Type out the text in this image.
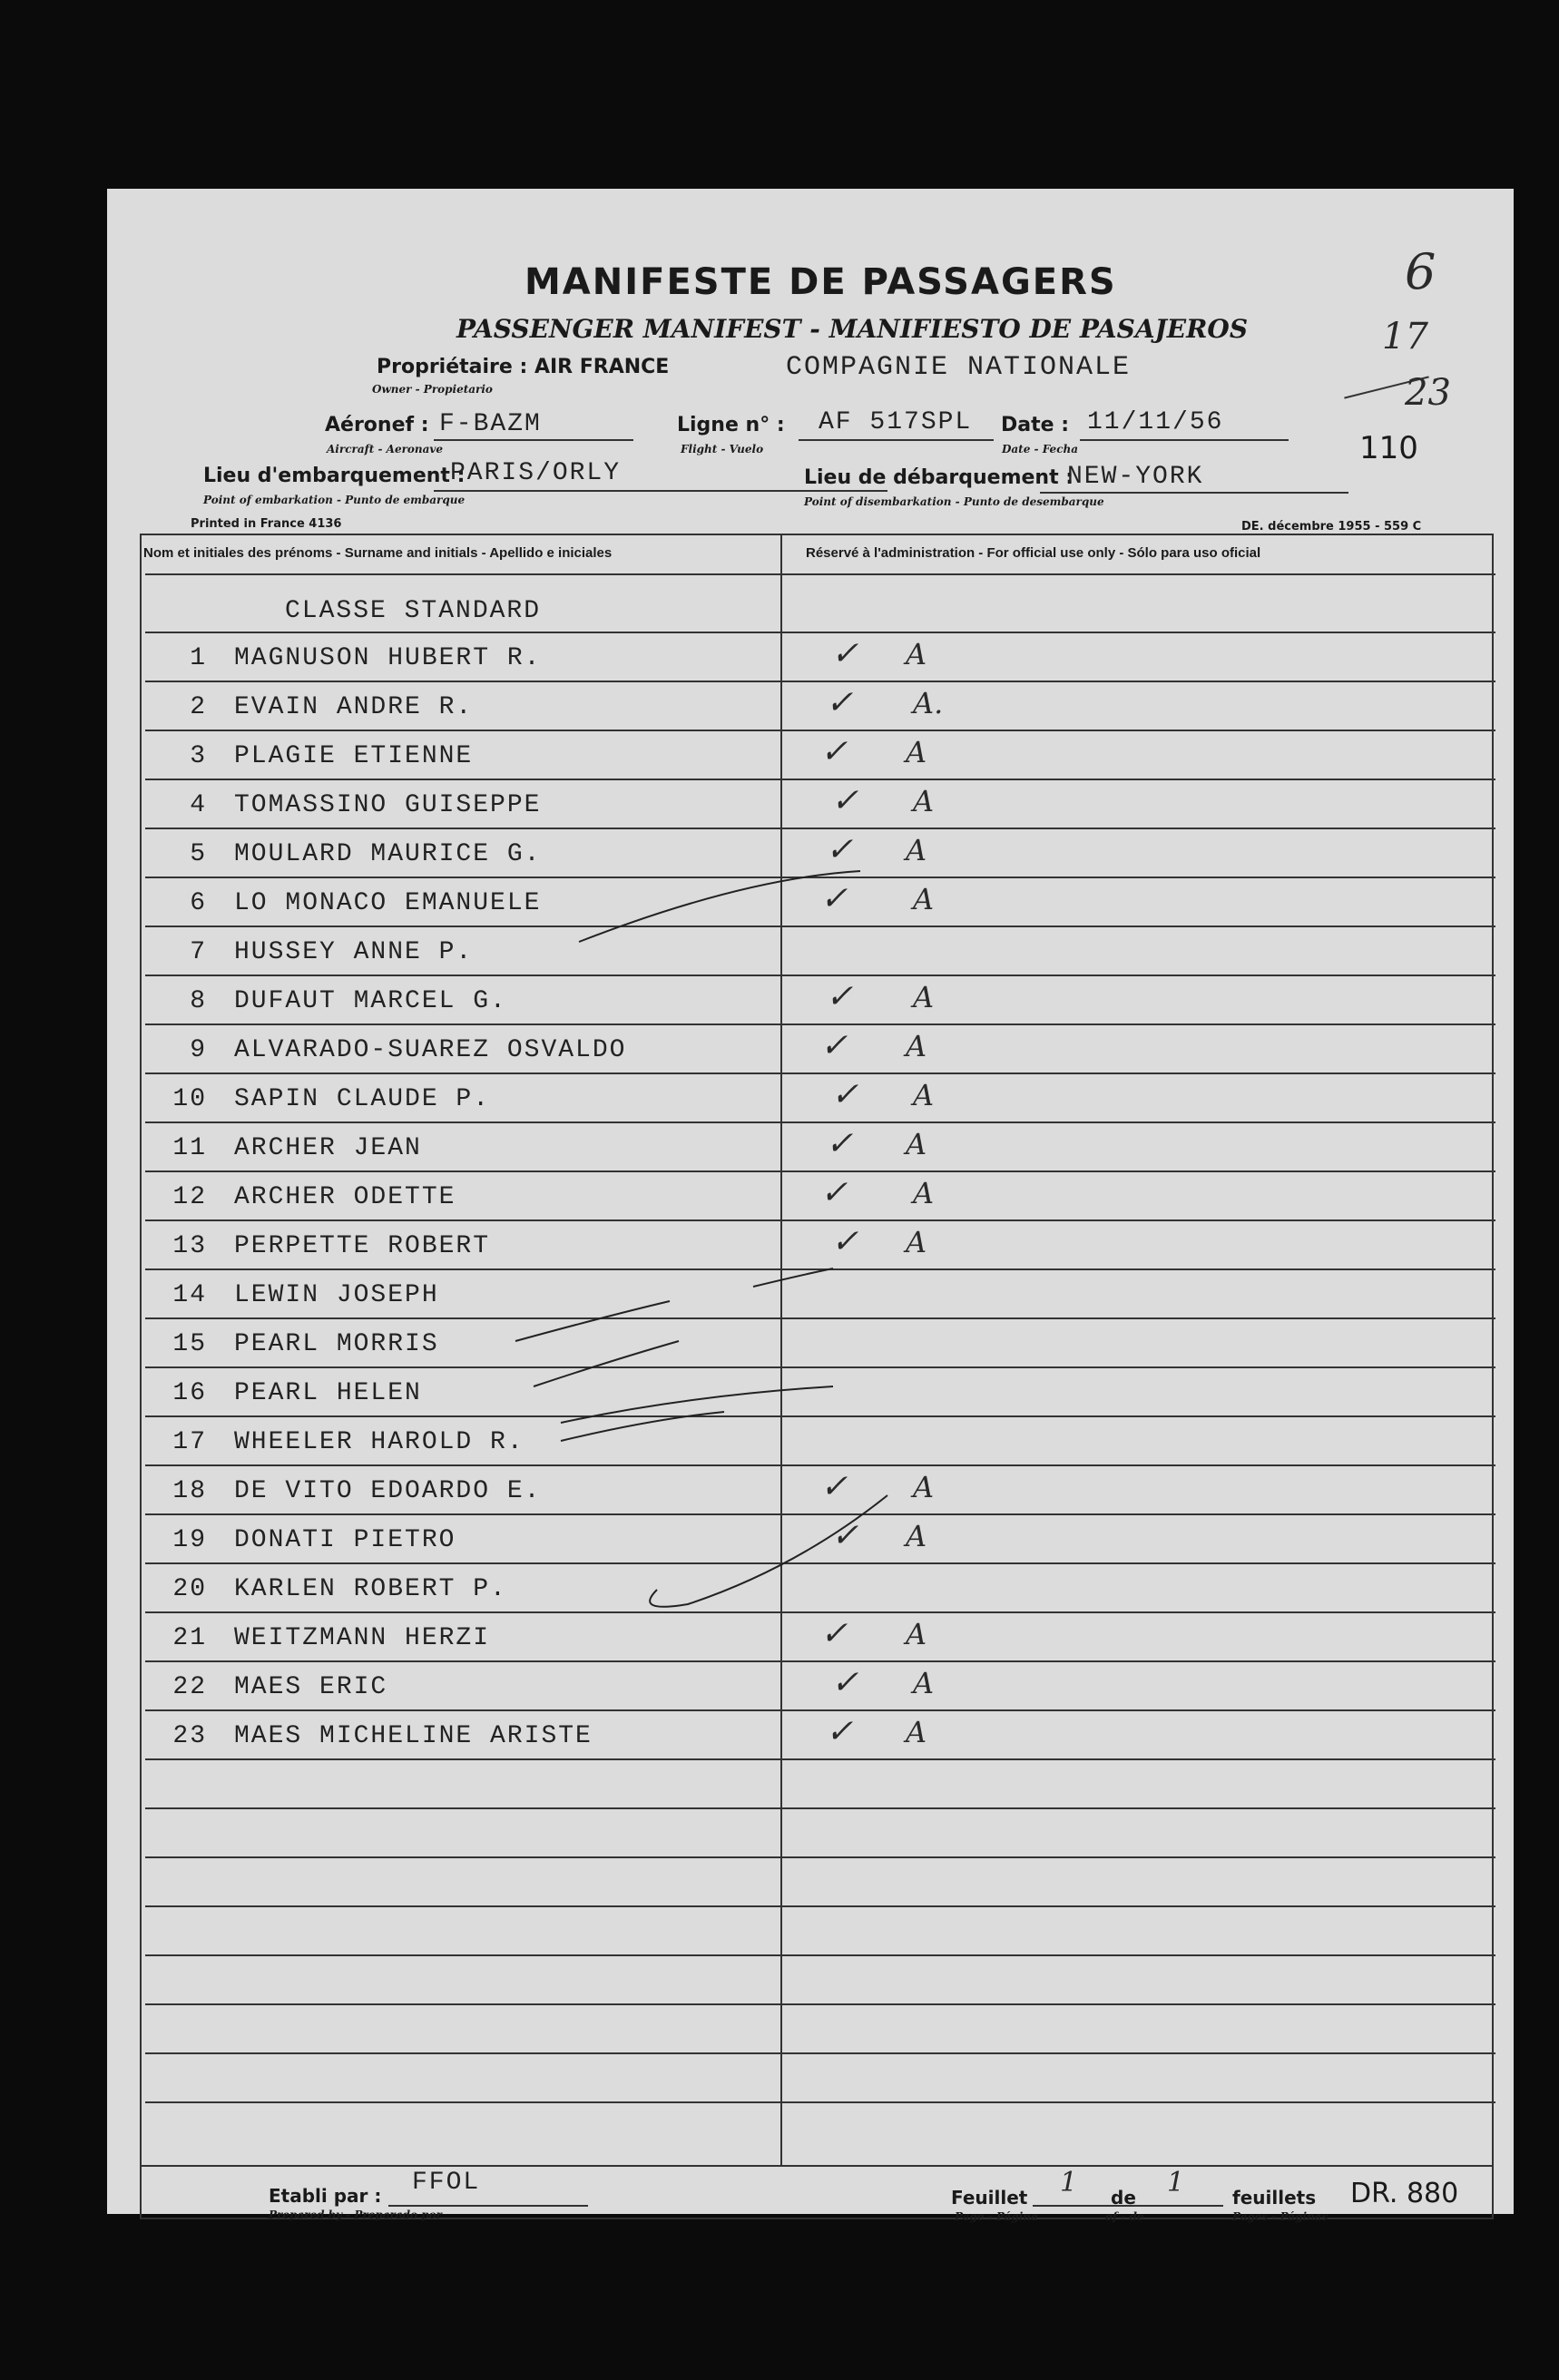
6
17
23
MANIFESTE DE PASSAGERS
PASSENGER MANIFEST - MANIFIESTO DE PASAJEROS
Propriétaire : AIR FRANCE
Owner - Propietario
COMPAGNIE NATIONALE
Aéronef :
Aircraft - Aeronave
F-BAZM	Ligne n° :
Flight - Vuelo
AF 517SPL Date :
Date - Fecha
11/11/56
110
Lieu d'embarquement :
Point of embarkation - Punto de embarque
PARIS/ORLY	Lieu de débarquement :
Point of disembarkation - Punto de desembarque
NEW-YORK
Printed in France 4136	DE. décembre 1955 - 559 C
Nom et initiales des prénoms - Surname and initials - Apellido e iniciales	Réservé à l'administration - For official use only - Sólo para uso oficial
CLASSE STANDARD
1 MAGNUSON HUBERT R.	✓ A
2 EVAIN ANDRE R.	✓ A.
3 PLAGIE ETIENNE	✓ A
4 TOMASSINO GUISEPPE	✓ A
5 MOULARD MAURICE G.	✓ A
6 LO MONACO EMANUELE	✓ A
7 HUSSEY ANNE P.
8 DUFAUT MARCEL G.	✓ A
9 ALVARADO-SUAREZ OSVALDO	✓ A
10 SAPIN CLAUDE P.	✓ A
11 ARCHER JEAN	✓ A
12 ARCHER ODETTE	✓ A
13 PERPETTE ROBERT	✓ A
14 LEWIN JOSEPH
15 PEARL MORRIS
16 PEARL HELEN
17 WHEELER HAROLD R.
18 DE VITO EDOARDO E.	✓ A
19 DONATI PIETRO	✓ A
20 KARLEN ROBERT P.
21 WEITZMANN HERZI	✓ A
22 MAES ERIC	✓ A
23 MAES MICHELINE ARISTE	✓ A
Etabli par :
Prepared by - Preparado por
FFOL
Feuillet
Page - Página
1 de
of - de
1	feuillets
Pages - Páginas
DR. 880
